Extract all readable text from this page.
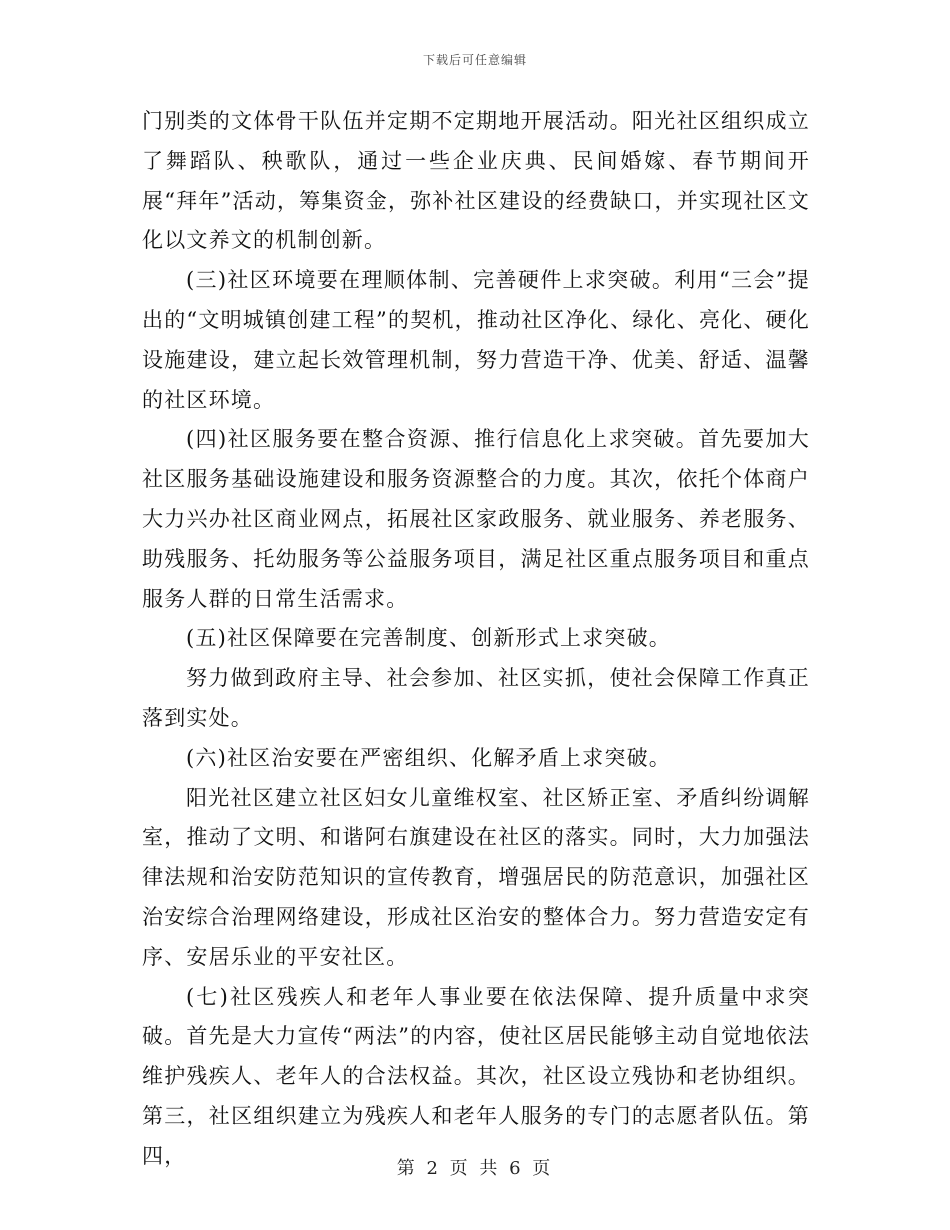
下载后可任意编辑

门别类的文体骨干队伍并定期不定期地开展活动。阳光社区组织成立了舞蹈队、秧歌队，通过一些企业庆典、民间婚嫁、春节期间开展“拜年”活动，筹集资金，弥补社区建设的经费缺口，并实现社区文化以文养文的机制创新。

(三)社区环境要在理顺体制、完善硬件上求突破。利用“三会”提出的“文明城镇创建工程”的契机，推动社区净化、绿化、亮化、硬化设施建设，建立起长效管理机制，努力营造干净、优美、舒适、温馨的社区环境。

(四)社区服务要在整合资源、推行信息化上求突破。首先要加大社区服务基础设施建设和服务资源整合的力度。其次，依托个体商户大力兴办社区商业网点，拓展社区家政服务、就业服务、养老服务、助残服务、托幼服务等公益服务项目，满足社区重点服务项目和重点服务人群的日常生活需求。

(五)社区保障要在完善制度、创新形式上求突破。

努力做到政府主导、社会参加、社区实抓，使社会保障工作真正落到实处。

(六)社区治安要在严密组织、化解矛盾上求突破。

阳光社区建立社区妇女儿童维权室、社区矫正室、矛盾纠纷调解室，推动了文明、和谐阿右旗建设在社区的落实。同时，大力加强法律法规和治安防范知识的宣传教育，增强居民的防范意识，加强社区治安综合治理网络建设，形成社区治安的整体合力。努力营造安定有序、安居乐业的平安社区。

(七)社区残疾人和老年人事业要在依法保障、提升质量中求突破。首先是大力宣传“两法”的内容，使社区居民能够主动自觉地依法维护残疾人、老年人的合法权益。其次，社区设立残协和老协组织。第三，社区组织建立为残疾人和老年人服务的专门的志愿者队伍。第四，

第 2 页 共 6 页
